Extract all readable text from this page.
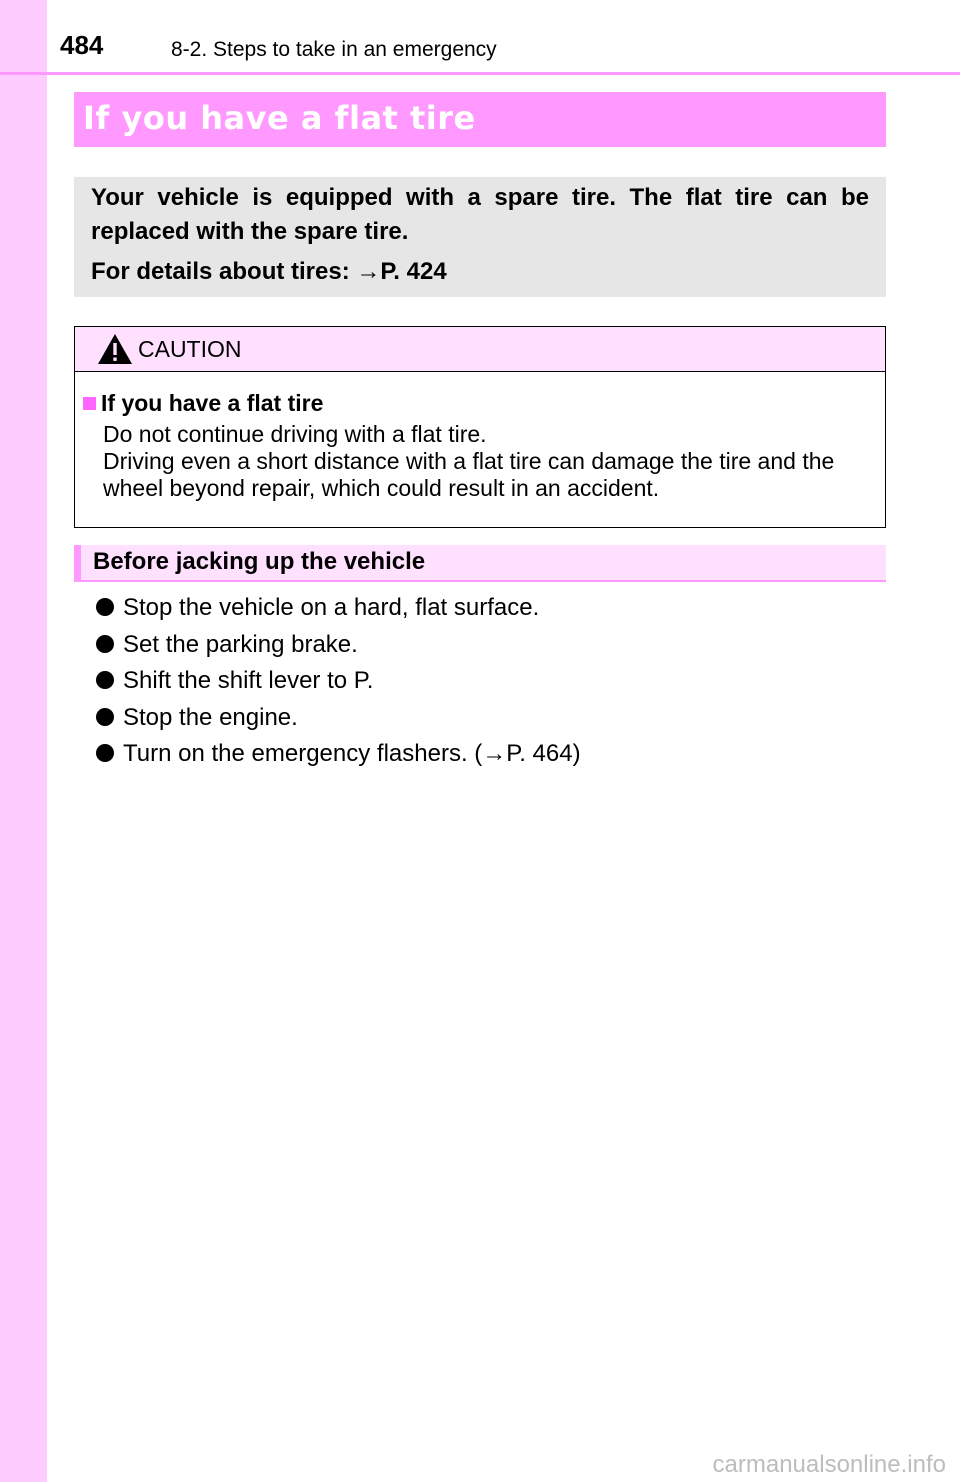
484	8-2. Steps to take in an emergency
If you have a flat tire
Your vehicle is equipped with a spare tire. The flat tire can be replaced with the spare tire.
For details about tires: →P. 424
CAUTION
If you have a flat tire
Do not continue driving with a flat tire.
Driving even a short distance with a flat tire can damage the tire and the
wheel beyond repair, which could result in an accident.
Before jacking up the vehicle
Stop the vehicle on a hard, flat surface.
Set the parking brake.
Shift the shift lever to P.
Stop the engine.
Turn on the emergency flashers. (→P. 464)
carmanualsonline.info
